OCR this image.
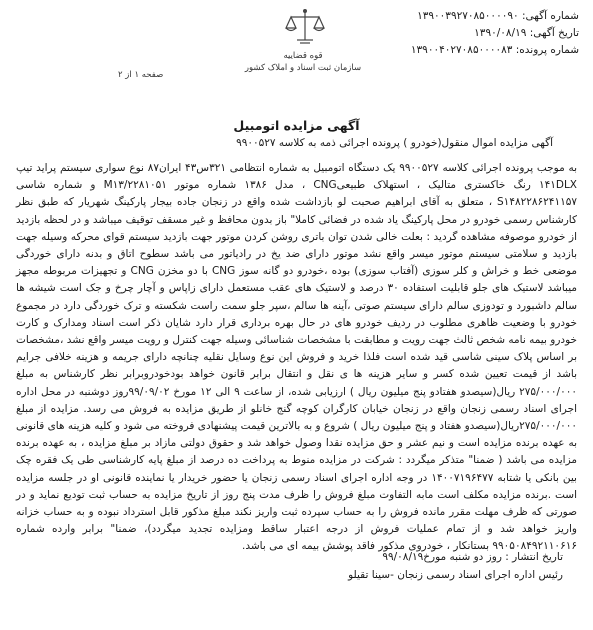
شماره آگهی: ۱۳۹۰۰۳۹۲۷۰۸۵۰۰۰۰۹۰
تاریخ آگهی: ۱۳۹۰/۰۸/۱۹
شماره پرونده: ۱۳۹۰۰۴۰۲۷۰۸۵۰۰۰۰۸۳
قوه قضاییه
سازمان ثبت اسناد و املاک کشور
صفحه ۱ از ۲
آگهی مزایده اتومبیل
آگهی مزایده اموال منقول(خودرو ) پرونده اجرائی ذمه به کلاسه ۹۹۰۰۵۲۷
به موجب پرونده اجرائی کلاسه ۹۹۰۰۵۲۷ یک دستگاه اتومبیل به شماره انتظامی ۳۲۱س۴۳ ایران۸۷ نوع سواری سیستم پراید تیپ ۱۴۱DLX رنگ خاکستری متالیک ، استهلاک طبیعیCNG ، مدل ۱۳۸۶ شماره موتور M۱۳/۲۲۸۱۰۵۱ و شماره شاسی S۱۴۸۲۲۸۶۲۴۱۱۵۷ ، متعلق به آقای ابراهیم صحبت لو بازداشت شده واقع در زنجان جاده بیجار پارکینگ شهریار که طبق نظر کارشناس رسمی خودرو در محل پارکینگ یاد شده در فضائی کاملا" باز بدون محافظ و غیر مسقف توقیف میباشد و در لحظه بازدید از خودرو موصوفه مشاهده گردید : بعلت خالی شدن توان باتری روشن کردن موتور جهت بازدید سیستم قوای محرکه وسیله جهت بازدید و سلامتی سیستم موتور میسر واقع نشد موتور دارای ضد یخ در رادیاتور می باشد سطوح اتاق و بدنه دارای خوردگی موضعی خط و خراش و کلر سوزی (آفتاب سوزی) بوده ،خودرو دو گانه سوز CNG با دو مخزن CNG و تجهیزات مربوطه مجهز میباشد لاستیک های جلو قابلیت استفاده ۳۰ درصد و لاستیک های عقب مستعمل دارای زاپاس و آچار چرخ و جک است شیشه ها سالم داشبورد و تودوزی سالم دارای سیستم صوتی ،آینه ها سالم ،سپر جلو سمت راست شکسته و ترک خوردگی دارد در مجموع خودرو با وضعیت ظاهری مطلوب در ردیف خودرو های در حال بهره برداری قرار دارد شایان ذکر است اسناد ومدارک و کارت خودرو بیمه نامه شخص ثالث جهت رویت و مطابقت با مشخصات شناسائی وسیله جهت کنترل و رویت میسر واقع نشد ،مشخصات بر اساس پلاک سینی شاسی قید شده است فلذا خرید و فروش این نوع وسایل نقلیه چنانچه دارای جریمه و هزینه خلافی جرایم باشد از قیمت تعیین شده کسر و سایر هزینه ها ی نقل و انتقال برابر قانون خواهد بودخودروبرابر نظر کارشناس به مبلغ ۲۷۵/۰۰۰/۰۰۰ ریال(سیصدو هفتادو پنج میلیون ریال ) ارزیابی شده، از ساعت ۹ الی ۱۲ مورخ ۹۹/۰۹/۰۲روز دوشنبه در محل اداره اجرای اسناد رسمی زنجان واقع در زنجان خیابان کارگران کوچه گنج خانلو از طریق مزایده به فروش می رسد. مزایده از مبلغ ۲۷۵/۰۰۰/۰۰۰ریال(سیصدو هفتاد و پنج میلیون ریال ) شروع و به بالاترین قیمت پیشنهادی فروخته می شود و کلیه هزینه های قانونی به عهده برنده مزایده است و نیم عشر و حق مزایده نقدا وصول خواهد شد و حقوق دولتی مازاد بر مبلغ مزایده ، به عهده برنده مزایده می باشد ( ضمنا" متذکر میگردد : شرکت در مزایده منوط به پرداخت ده درصد از مبلغ پایه کارشناسی طی یک فقره چک بین بانکی یا شتابه ۱۴۰۰۷۱۹۶۴۷۷ در وجه اداره اجرای اسناد رسمی زنجان یا حضور خریدار یا نماینده قانونی او در جلسه مزایده است .برنده مزایده مکلف است مابه التفاوت مبلغ فروش را ظرف مدت پنج روز از تاریخ مزایده به حساب ثبت تودیع نماید و در صورتی که ظرف مهلت مقرر مانده فروش را به حساب سپرده ثبت واریز نکند مبلغ مذکور قابل استرداد نبوده و به حساب خزانه واریز خواهد شد و از تمام عملیات فروش از درجه اعتبار ساقط ومزایده تجدید میگردد)، ضمنا" برابر وارده شماره ۹۹۰۵۰۸۴۹۲۱۱۰۶۱۶ بستانکار ، خودروی مذکور فاقد پوشش بیمه ای می باشد.
تاریخ انتشار : روز دو شنبه مورخ۹۹/۰۸/۱۹
رئیس اداره اجرای اسناد رسمی زنجان -سینا تقیلو
